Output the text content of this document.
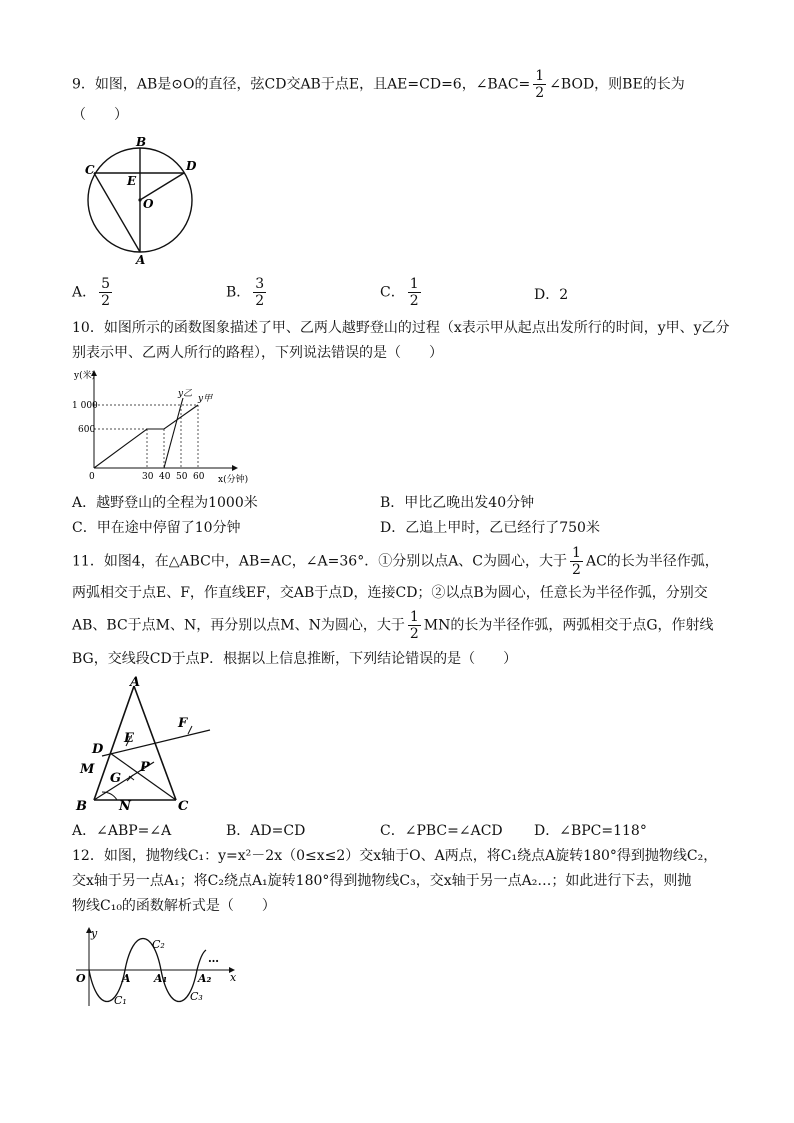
9．如图，AB是⊙O的直径，弦CD交AB于点E，且AE=CD=6，∠BAC= $\frac{1}{2}$ ∠BOD，则BE的长为
（　　）
B
C	D
E
O
A
A． $\frac{5}{2}$	B． $\frac{3}{2}$	C． $\frac{1}{2}$	D．2
10．如图所示的函数图象描述了甲、乙两人越野登山的过程（x表示甲从起点出发所行的时间，y甲、y乙分
别表示甲、乙两人所行的路程），下列说法错误的是（　　）
y(米)
1 000
600
0	30 40 50 60 x(分钟)
y乙 y甲
A．越野登山的全程为1000米	B．甲比乙晚出发40分钟
C．甲在途中停留了10分钟	D．乙追上甲时，乙已经行了750米
11．如图4，在△ABC中，AB=AC，∠A=36°．①分别以点A、C为圆心，大于 $\frac{1}{2}$ AC的长为半径作弧，
两弧相交于点E、F，作直线EF，交AB于点D，连接CD；②以点B为圆心，任意长为半径作弧，分别交
AB、BC于点M、N，再分别以点M、N为圆心，大于 $\frac{1}{2}$ MN的长为半径作弧，两弧相交于点G，作射线
BG，交线段CD于点P．根据以上信息推断，下列结论错误的是（　　）
A
B	C
D
E
F
M
N
G
P
A．∠ABP=∠A	B．AD=CD	C．∠PBC=∠ACD D．∠BPC=118°
12．如图，抛物线C₁：y=x²－2x（0≤x≤2）交x轴于O、A两点，将C₁绕点A旋转180°得到抛物线C₂，
交x轴于另一点A₁；将C₂绕点A₁旋转180°得到抛物线C₃，交x轴于另一点A₂…；如此进行下去，则抛
物线C₁₀的函数解析式是（　　）
y
x
O	A A₁	A₂
C₁
C₂
C₃
…
